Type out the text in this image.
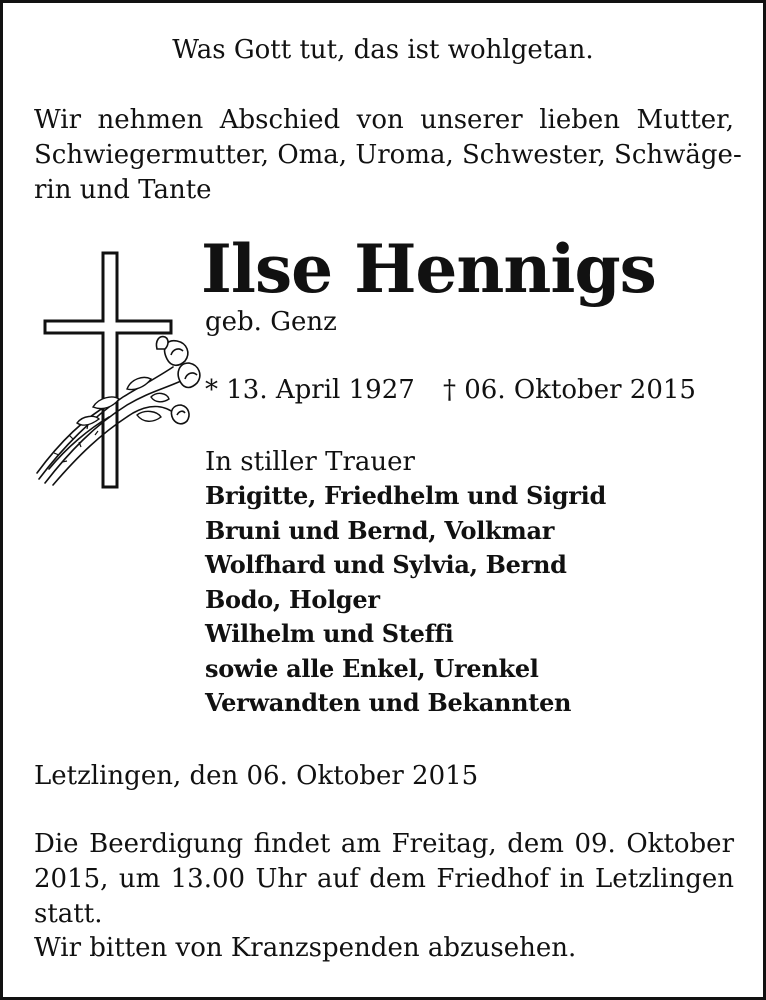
Was Gott tut, das ist wohlgetan.
Wir nehmen Abschied von unserer lieben Mutter,
Schwiegermutter, Oma, Uroma, Schwester, Schwäge-
rin und Tante
Ilse Hennigs
geb. Genz
* 13. April 1927 † 06. Oktober 2015
In stiller Trauer
Brigitte, Friedhelm und Sigrid
Bruni und Bernd, Volkmar
Wolfhard und Sylvia, Bernd
Bodo, Holger
Wilhelm und Steffi
sowie alle Enkel, Urenkel
Verwandten und Bekannten
Letzlingen, den 06. Oktober 2015
Die Beerdigung findet am Freitag, dem 09. Oktober
2015, um 13.00 Uhr auf dem Friedhof in Letzlingen
statt.
Wir bitten von Kranzspenden abzusehen.
